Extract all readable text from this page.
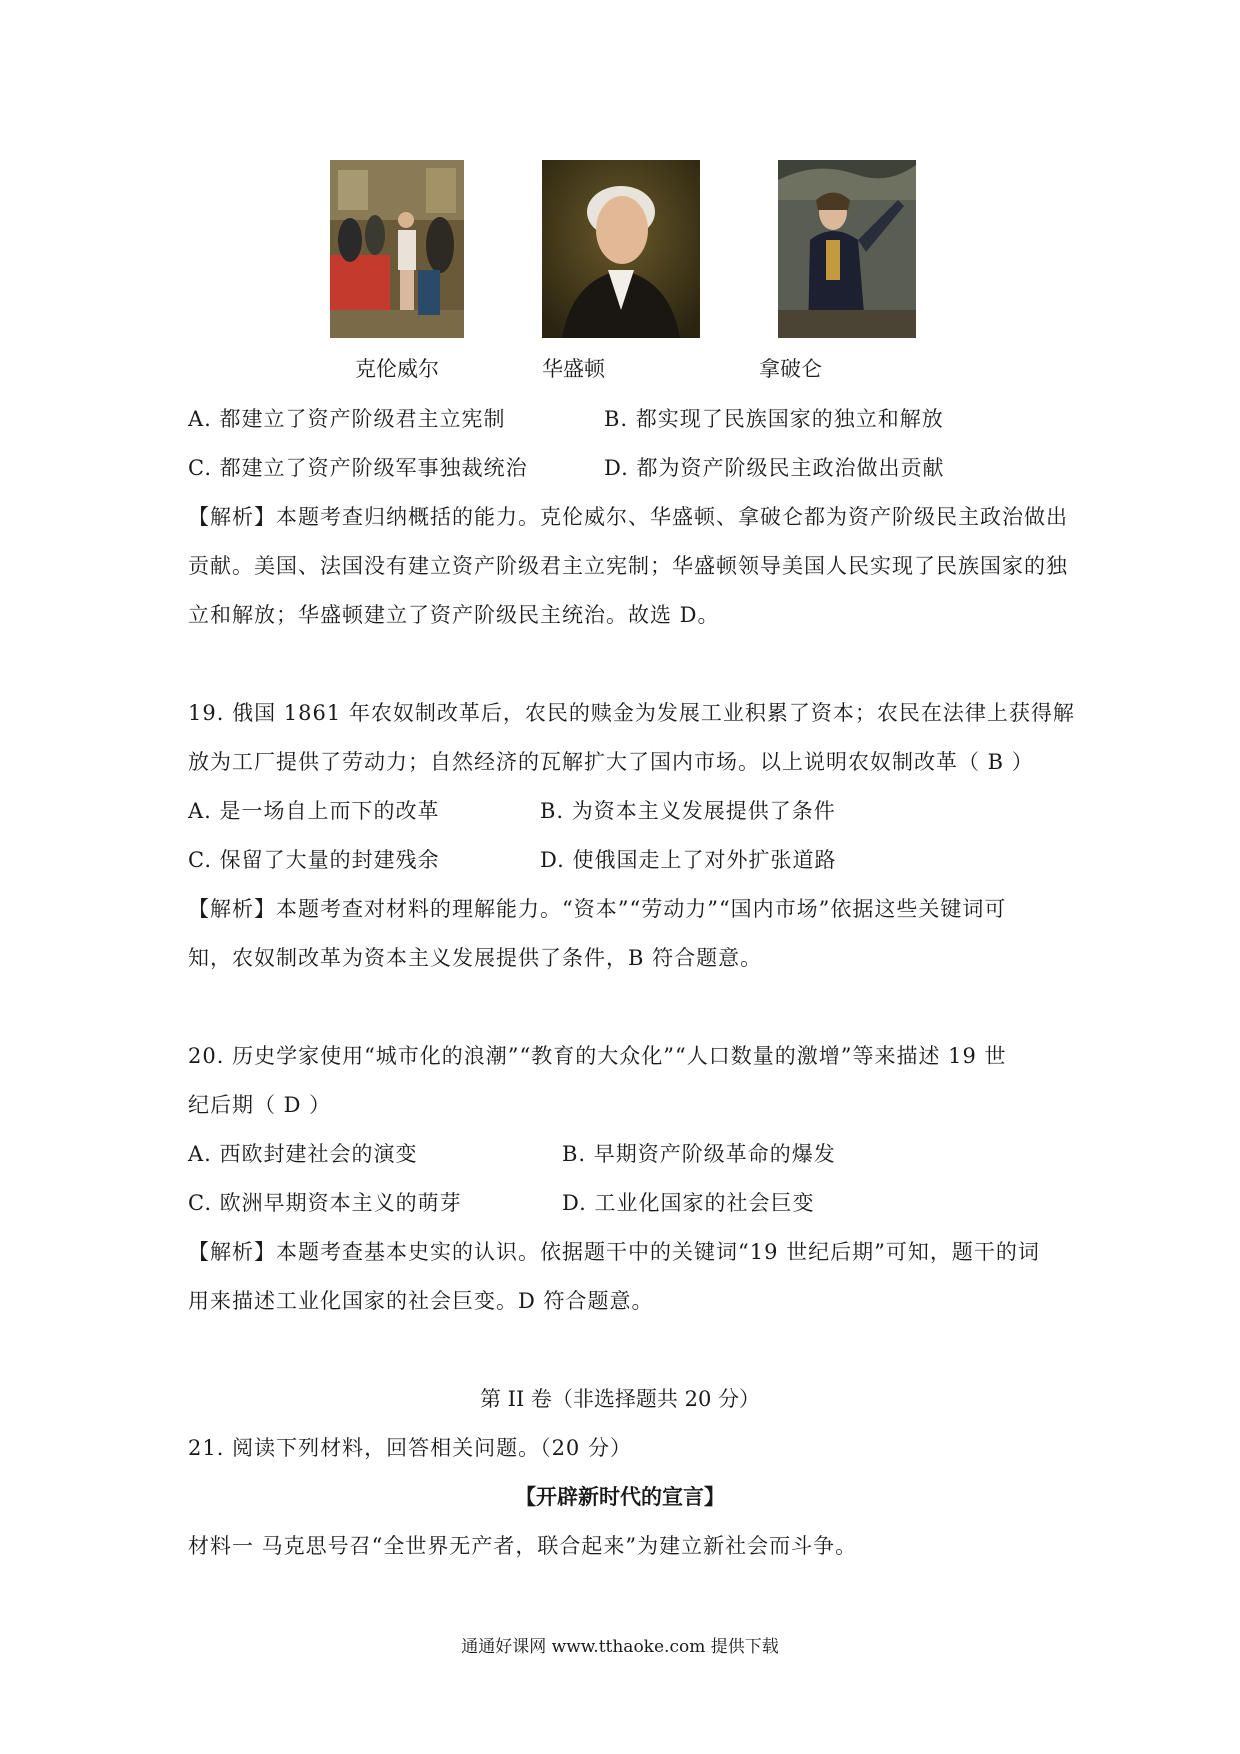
克伦威尔	华盛顿	拿破仑
A. 都建立了资产阶级君主立宪制	B. 都实现了民族国家的独立和解放
C. 都建立了资产阶级军事独裁统治	D. 都为资产阶级民主政治做出贡献
【解析】本题考查归纳概括的能力。克伦威尔、华盛顿、拿破仑都为资产阶级民主政治做出
贡献。美国、法国没有建立资产阶级君主立宪制；华盛顿领导美国人民实现了民族国家的独
立和解放；华盛顿建立了资产阶级民主统治。故选 D。
19. 俄国 1861 年农奴制改革后，农民的赎金为发展工业积累了资本；农民在法律上获得解
放为工厂提供了劳动力；自然经济的瓦解扩大了国内市场。以上说明农奴制改革（ B ）
A. 是一场自上而下的改革	B. 为资本主义发展提供了条件
C. 保留了大量的封建残余	D. 使俄国走上了对外扩张道路
【解析】本题考查对材料的理解能力。“资本”“劳动力”“国内市场”依据这些关键词可
知，农奴制改革为资本主义发展提供了条件，B 符合题意。
20. 历史学家使用“城市化的浪潮”“教育的大众化”“人口数量的激增”等来描述 19 世
纪后期（ D ）
A. 西欧封建社会的演变	B. 早期资产阶级革命的爆发
C. 欧洲早期资本主义的萌芽	D. 工业化国家的社会巨变
【解析】本题考查基本史实的认识。依据题干中的关键词“19 世纪后期”可知，题干的词
用来描述工业化国家的社会巨变。D 符合题意。
第 II 卷（非选择题共 20 分）
21. 阅读下列材料，回答相关问题。（20 分）
【开辟新时代的宣言】
材料一 马克思号召“全世界无产者，联合起来”为建立新社会而斗争。
通通好课网 www.tthaoke.com 提供下载
